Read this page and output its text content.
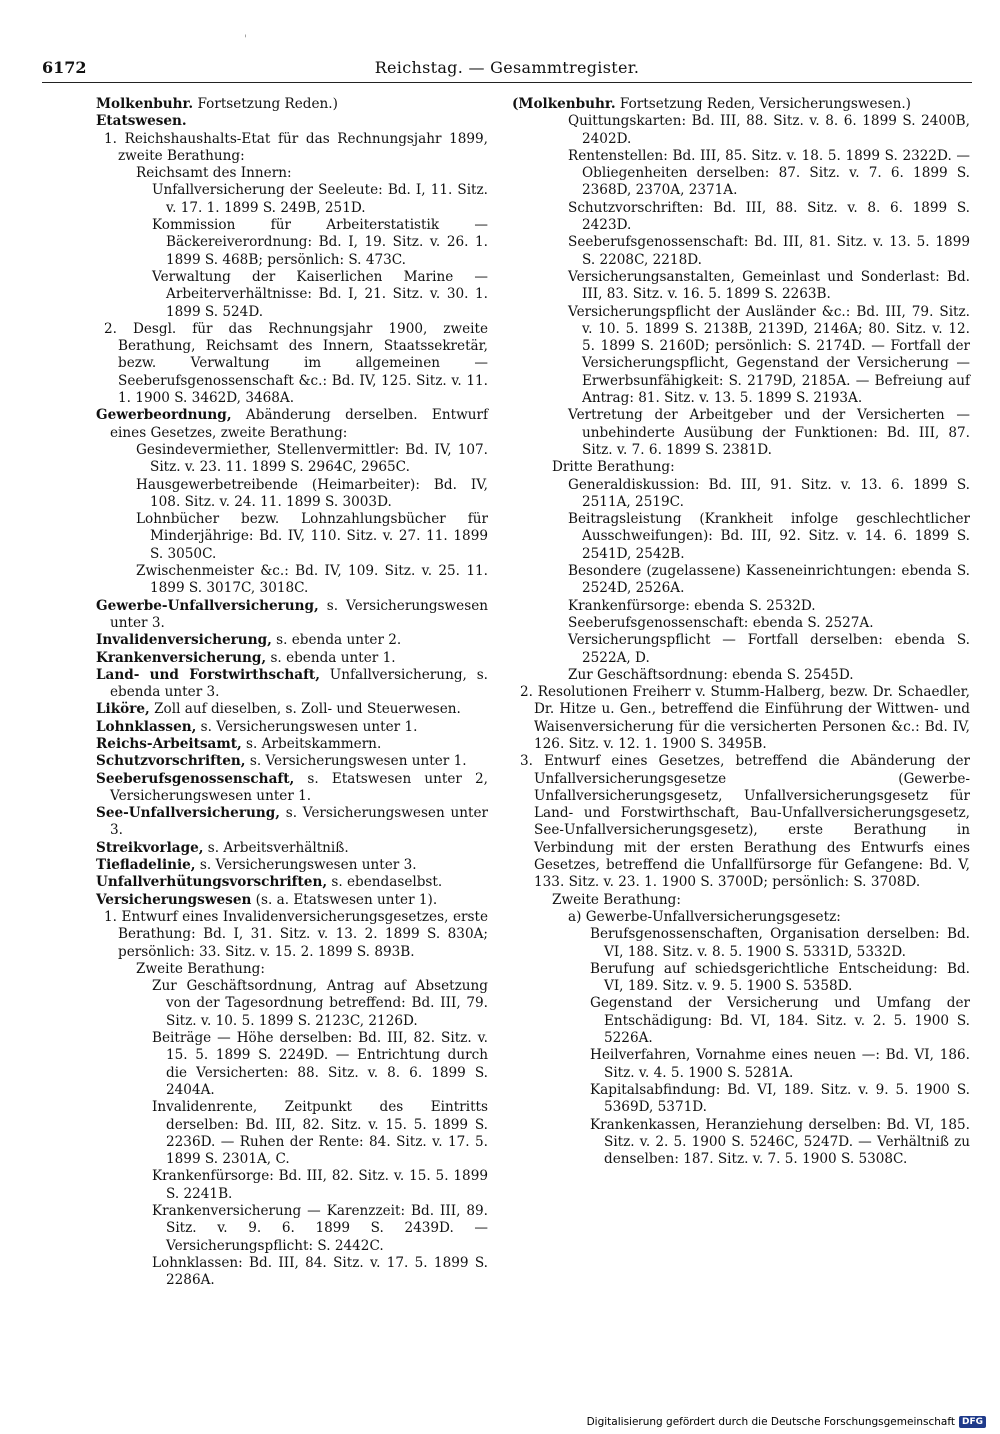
'
6172	Reichstag. — Gesammtregister.
Molkenbuhr. Fortsetzung Reden.)
Etatswesen.
1. Reichshaushalts-Etat für das Rechnungsjahr 1899, zweite Berathung:
Reichsamt des Innern:
Unfallversicherung der Seeleute: Bd. I, 11. Sitz. v. 17. 1. 1899 S. 249B, 251D.
Kommission für Arbeiterstatistik — Bäckereiverordnung: Bd. I, 19. Sitz. v. 26. 1. 1899 S. 468B; persönlich: S. 473C.
Verwaltung der Kaiserlichen Marine — Arbeiterverhältnisse: Bd. I, 21. Sitz. v. 30. 1. 1899 S. 524D.
2. Desgl. für das Rechnungsjahr 1900, zweite Berathung, Reichsamt des Innern, Staatssekretär, bezw. Verwaltung im allgemeinen — Seeberufsgenossenschaft &c.: Bd. IV, 125. Sitz. v. 11. 1. 1900 S. 3462D, 3468A.
Gewerbeordnung, Abänderung derselben. Entwurf eines Gesetzes, zweite Berathung:
Gesindevermiether, Stellenvermittler: Bd. IV, 107. Sitz. v. 23. 11. 1899 S. 2964C, 2965C.
Hausgewerbetreibende (Heimarbeiter): Bd. IV, 108. Sitz. v. 24. 11. 1899 S. 3003D.
Lohnbücher bezw. Lohnzahlungsbücher für Minderjährige: Bd. IV, 110. Sitz. v. 27. 11. 1899 S. 3050C.
Zwischenmeister &c.: Bd. IV, 109. Sitz. v. 25. 11. 1899 S. 3017C, 3018C.
Gewerbe-Unfallversicherung, s. Versicherungswesen unter 3.
Invalidenversicherung, s. ebenda unter 2.
Krankenversicherung, s. ebenda unter 1.
Land- und Forstwirthschaft, Unfallversicherung, s. ebenda unter 3.
Liköre, Zoll auf dieselben, s. Zoll- und Steuerwesen.
Lohnklassen, s. Versicherungswesen unter 1.
Reichs-Arbeitsamt, s. Arbeitskammern.
Schutzvorschriften, s. Versicherungswesen unter 1.
Seeberufsgenossenschaft, s. Etatswesen unter 2, Versicherungswesen unter 1.
See-Unfallversicherung, s. Versicherungswesen unter 3.
Streikvorlage, s. Arbeitsverhältniß.
Tiefladelinie, s. Versicherungswesen unter 3.
Unfallverhütungsvorschriften, s. ebendaselbst.
Versicherungswesen (s. a. Etatswesen unter 1).
1. Entwurf eines Invalidenversicherungsgesetzes, erste Berathung: Bd. I, 31. Sitz. v. 13. 2. 1899 S. 830A; persönlich: 33. Sitz. v. 15. 2. 1899 S. 893B.
Zweite Berathung:
Zur Geschäftsordnung, Antrag auf Absetzung von der Tagesordnung betreffend: Bd. III, 79. Sitz. v. 10. 5. 1899 S. 2123C, 2126D.
Beiträge — Höhe derselben: Bd. III, 82. Sitz. v. 15. 5. 1899 S. 2249D. — Entrichtung durch die Versicherten: 88. Sitz. v. 8. 6. 1899 S. 2404A.
Invalidenrente, Zeitpunkt des Eintritts derselben: Bd. III, 82. Sitz. v. 15. 5. 1899 S. 2236D. — Ruhen der Rente: 84. Sitz. v. 17. 5. 1899 S. 2301A, C.
Krankenfürsorge: Bd. III, 82. Sitz. v. 15. 5. 1899 S. 2241B.
Krankenversicherung — Karenzzeit: Bd. III, 89. Sitz. v. 9. 6. 1899 S. 2439D. — Versicherungspflicht: S. 2442C.
Lohnklassen: Bd. III, 84. Sitz. v. 17. 5. 1899 S. 2286A.
(Molkenbuhr. Fortsetzung Reden, Versicherungswesen.)
Quittungskarten: Bd. III, 88. Sitz. v. 8. 6. 1899 S. 2400B, 2402D.
Rentenstellen: Bd. III, 85. Sitz. v. 18. 5. 1899 S. 2322D. — Obliegenheiten derselben: 87. Sitz. v. 7. 6. 1899 S. 2368D, 2370A, 2371A.
Schutzvorschriften: Bd. III, 88. Sitz. v. 8. 6. 1899 S. 2423D.
Seeberufsgenossenschaft: Bd. III, 81. Sitz. v. 13. 5. 1899 S. 2208C, 2218D.
Versicherungsanstalten, Gemeinlast und Sonderlast: Bd. III, 83. Sitz. v. 16. 5. 1899 S. 2263B.
Versicherungspflicht der Ausländer &c.: Bd. III, 79. Sitz. v. 10. 5. 1899 S. 2138B, 2139D, 2146A; 80. Sitz. v. 12. 5. 1899 S. 2160D; persönlich: S. 2174D. — Fortfall der Versicherungspflicht, Gegenstand der Versicherung — Erwerbsunfähigkeit: S. 2179D, 2185A. — Befreiung auf Antrag: 81. Sitz. v. 13. 5. 1899 S. 2193A.
Vertretung der Arbeitgeber und der Versicherten — unbehinderte Ausübung der Funktionen: Bd. III, 87. Sitz. v. 7. 6. 1899 S. 2381D.
Dritte Berathung:
Generaldiskussion: Bd. III, 91. Sitz. v. 13. 6. 1899 S. 2511A, 2519C.
Beitragsleistung (Krankheit infolge geschlechtlicher Ausschweifungen): Bd. III, 92. Sitz. v. 14. 6. 1899 S. 2541D, 2542B.
Besondere (zugelassene) Kasseneinrichtungen: ebenda S. 2524D, 2526A.
Krankenfürsorge: ebenda S. 2532D.
Seeberufsgenossenschaft: ebenda S. 2527A.
Versicherungspflicht — Fortfall derselben: ebenda S. 2522A, D.
Zur Geschäftsordnung: ebenda S. 2545D.
2. Resolutionen Freiherr v. Stumm-Halberg, bezw. Dr. Schaedler, Dr. Hitze u. Gen., betreffend die Einführung der Wittwen- und Waisenversicherung für die versicherten Personen &c.: Bd. IV, 126. Sitz. v. 12. 1. 1900 S. 3495B.
3. Entwurf eines Gesetzes, betreffend die Abänderung der Unfallversicherungsgesetze (Gewerbe-Unfallversicherungsgesetz, Unfallversicherungsgesetz für Land- und Forstwirthschaft, Bau-Unfallversicherungsgesetz, See-Unfallversicherungsgesetz), erste Berathung in Verbindung mit der ersten Berathung des Entwurfs eines Gesetzes, betreffend die Unfallfürsorge für Gefangene: Bd. V, 133. Sitz. v. 23. 1. 1900 S. 3700D; persönlich: S. 3708D.
Zweite Berathung:
a) Gewerbe-Unfallversicherungsgesetz:
Berufsgenossenschaften, Organisation derselben: Bd. VI, 188. Sitz. v. 8. 5. 1900 S. 5331D, 5332D.
Berufung auf schiedsgerichtliche Entscheidung: Bd. VI, 189. Sitz. v. 9. 5. 1900 S. 5358D.
Gegenstand der Versicherung und Umfang der Entschädigung: Bd. VI, 184. Sitz. v. 2. 5. 1900 S. 5226A.
Heilverfahren, Vornahme eines neuen —: Bd. VI, 186. Sitz. v. 4. 5. 1900 S. 5281A.
Kapitalsabfindung: Bd. VI, 189. Sitz. v. 9. 5. 1900 S. 5369D, 5371D.
Krankenkassen, Heranziehung derselben: Bd. VI, 185. Sitz. v. 2. 5. 1900 S. 5246C, 5247D. — Verhältniß zu denselben: 187. Sitz. v. 7. 5. 1900 S. 5308C.
Digitalisierung gefördert durch die Deutsche Forschungsgemeinschaft DFG
